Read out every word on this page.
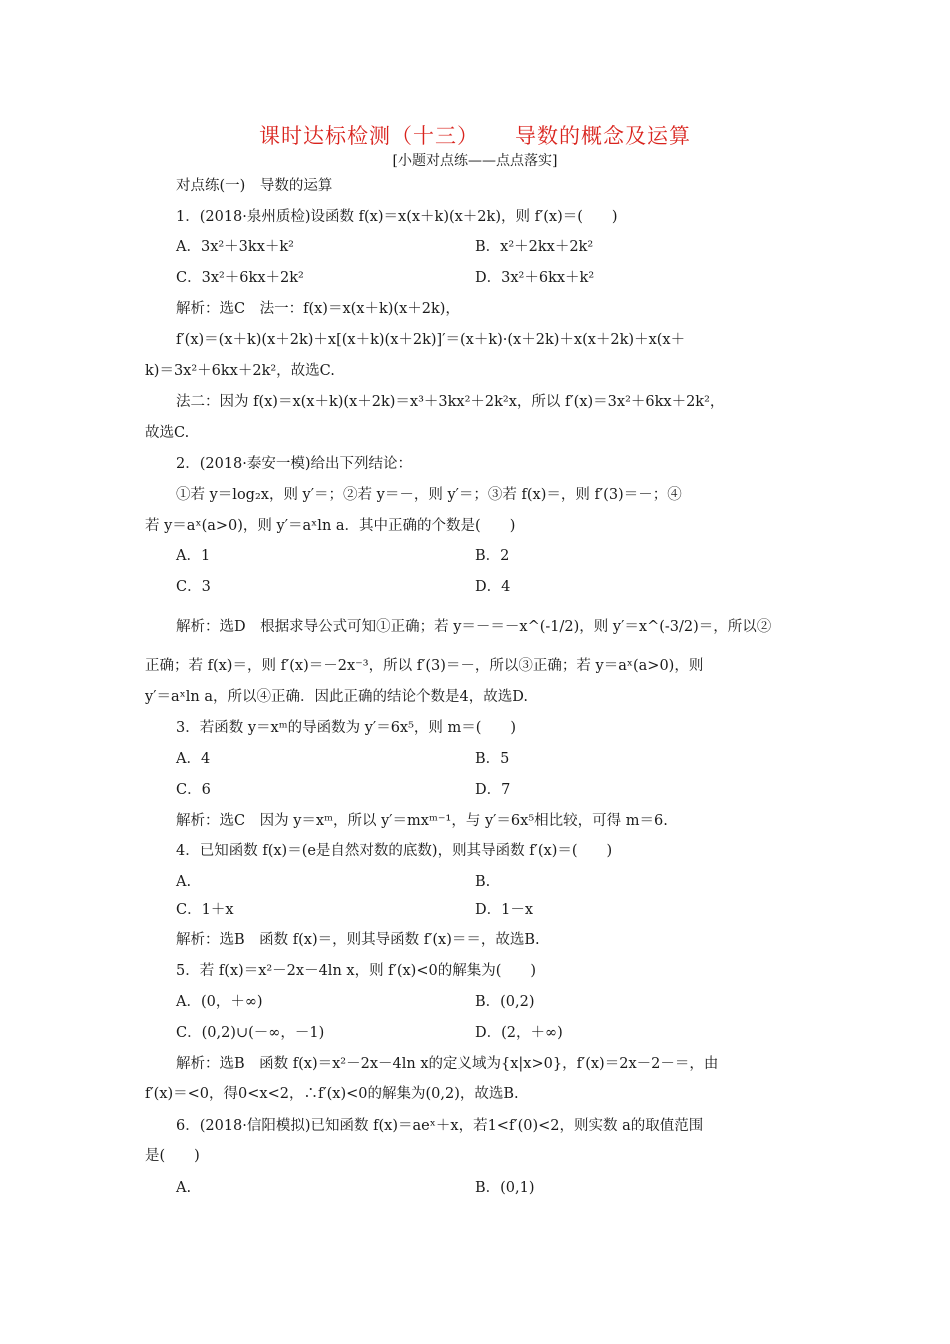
课时达标检测（十三） 导数的概念及运算
[小题对点练——点点落实]
对点练(一)　导数的运算
1．(2018·泉州质检)设函数 f(x)＝x(x＋k)(x＋2k)，则 f′(x)＝(　　)
A．3x²＋3kx＋k²	B．x²＋2kx＋2k²
C．3x²＋6kx＋2k²	D．3x²＋6kx＋k²
解析：选C　法一：f(x)＝x(x＋k)(x＋2k)，
f′(x)＝(x＋k)(x＋2k)＋x[(x＋k)(x＋2k)]′＝(x＋k)·(x＋2k)＋x(x＋2k)＋x(x＋
k)＝3x²＋6kx＋2k²，故选C.
法二：因为 f(x)＝x(x＋k)(x＋2k)＝x³＋3kx²＋2k²x，所以 f′(x)＝3x²＋6kx＋2k²，
故选C.
2．(2018·泰安一模)给出下列结论：
①若 y＝log₂x，则 y′＝；②若 y＝－，则 y′＝；③若 f(x)＝，则 f′(3)＝－；④
若 y＝aˣ(a>0)，则 y′＝aˣln a．其中正确的个数是(　　)
A．1	B．2
C．3	D．4
解析：选D　根据求导公式可知①正确；若 y＝－＝－x^(-1/2)，则 y′＝x^(-3/2)＝，所以②
正确；若 f(x)＝，则 f′(x)＝－2x⁻³，所以 f′(3)＝－，所以③正确；若 y＝aˣ(a>0)，则
y′＝aˣln a，所以④正确．因此正确的结论个数是4，故选D.
3．若函数 y＝xᵐ的导函数为 y′＝6x⁵，则 m＝(　　)
A．4	B．5
C．6	D．7
解析：选C　因为 y＝xᵐ，所以 y′＝mxᵐ⁻¹，与 y′＝6x⁵相比较，可得 m＝6.
4．已知函数 f(x)＝(e是自然对数的底数)，则其导函数 f′(x)＝(　　)
A.	B.
C．1＋x	D．1－x
解析：选B　函数 f(x)＝，则其导函数 f′(x)＝＝，故选B.
5．若 f(x)＝x²－2x－4ln x，则 f′(x)<0的解集为(　　)
A．(0，＋∞)	B．(0,2)
C．(0,2)∪(－∞，－1)	D．(2，＋∞)
解析：选B　函数 f(x)＝x²－2x－4ln x的定义域为{x|x>0}，f′(x)＝2x－2－＝，由
f′(x)＝<0，得0<x<2，∴f′(x)<0的解集为(0,2)，故选B.
6．(2018·信阳模拟)已知函数 f(x)＝aeˣ＋x，若1<f′(0)<2，则实数 a的取值范围
是(　　)
A.	B．(0,1)
